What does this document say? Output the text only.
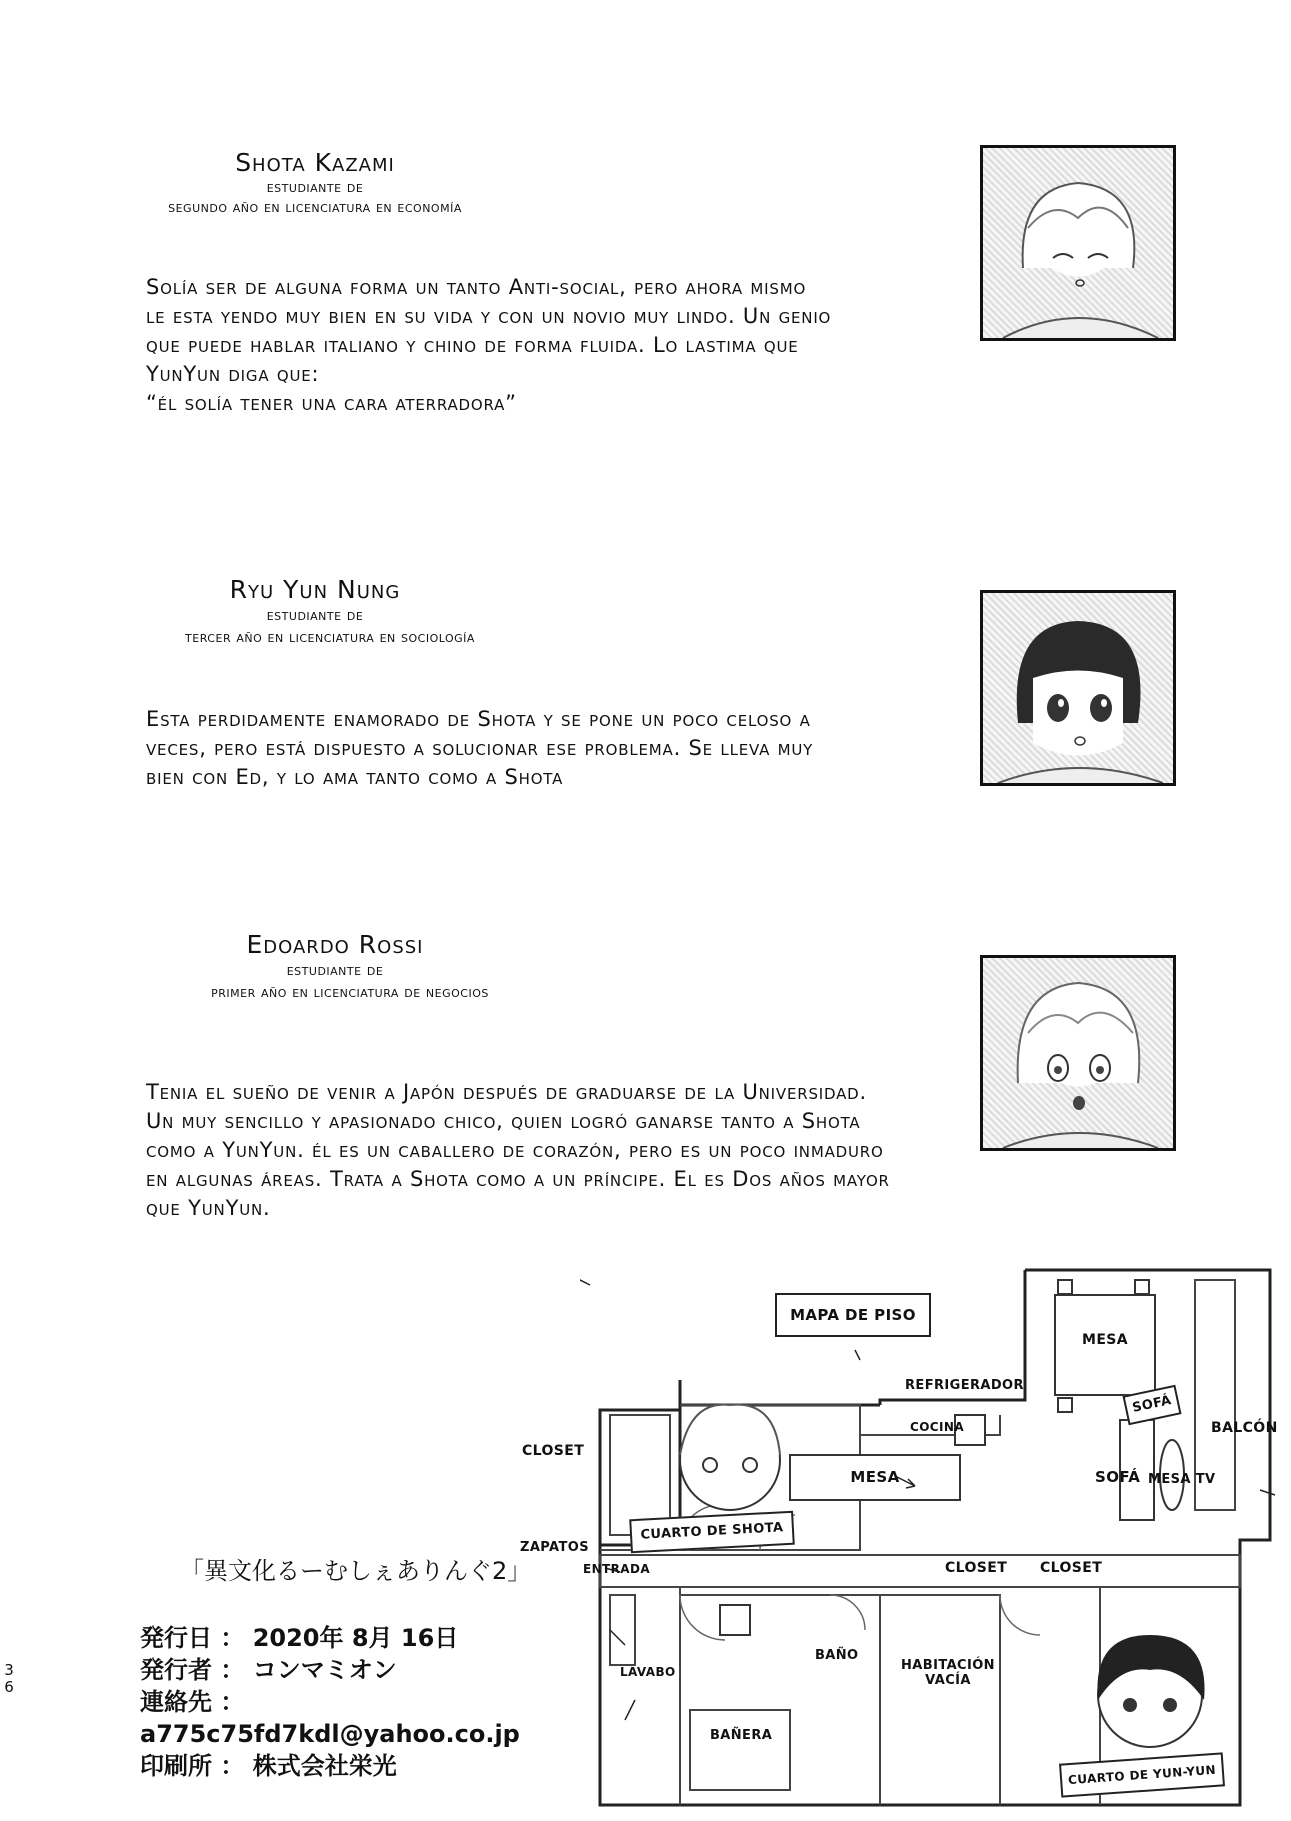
Shota Kazami
estudiante de
segundo año en licenciatura en economía
Solía ser de alguna forma un tanto Anti-social, pero ahora mismo
le esta yendo muy bien en su vida y con un novio muy lindo. Un genio
que puede hablar italiano y chino de forma fluida. Lo lastima que
YunYun diga que:
“él solía tener una cara aterradora”
Ryu Yun Nung
estudiante de
tercer año en licenciatura en sociología
Esta perdidamente enamorado de Shota y se pone un poco celoso a
veces, pero está dispuesto a solucionar ese problema. Se lleva muy
bien con Ed, y lo ama tanto como a Shota
Edoardo Rossi
estudiante de
primer año en licenciatura de negocios
Tenia el sueño de venir a Japón después de graduarse de la Universidad.
Un muy sencillo y apasionado chico, quien logró ganarse tanto a Shota
como a YunYun. él es un caballero de corazón, pero es un poco inmaduro
en algunas áreas. Trata a Shota como a un príncipe. El es Dos años mayor
que YunYun.
「異文化るーむしぇありんぐ2」
発行日 ： 2020年 8月 16日
発行者 ： コンマミオン
連絡先 ： a775c75fd7kdl@yahoo.co.jp
印刷所 ： 株式会社栄光
3
6
MAPA DE PISO
MESA
REFRIGERADOR
SOFÁ
BALCÓN
COCINA
CLOSET
SOFÁ MESA TV
MESA
CUARTO DE SHOTA
ZAPATOS
ENTRADA	CLOSET CLOSET
BAÑO
HABITACIÓN
VACÍA
LAVABO
BAÑERA
CUARTO DE YUN-YUN
